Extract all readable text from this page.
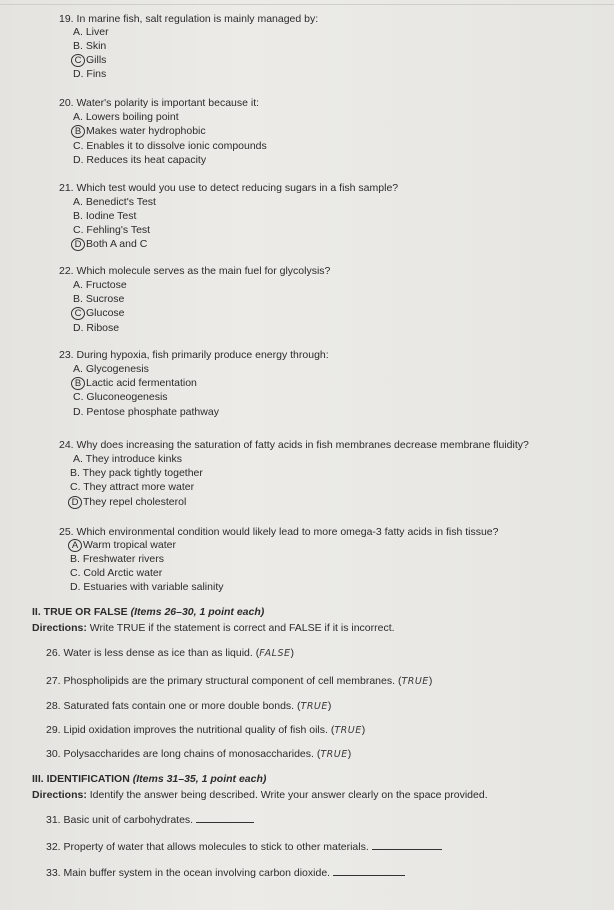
19. In marine fish, salt regulation is mainly managed by:
A. Liver
B. Skin
C Gills
D. Fins
20. Water's polarity is important because it:
A. Lowers boiling point
B Makes water hydrophobic
C. Enables it to dissolve ionic compounds
D. Reduces its heat capacity
21. Which test would you use to detect reducing sugars in a fish sample?
A. Benedict's Test
B. Iodine Test
C. Fehling's Test
D Both A and C
22. Which molecule serves as the main fuel for glycolysis?
A. Fructose
B. Sucrose
C Glucose
D. Ribose
23. During hypoxia, fish primarily produce energy through:
A. Glycogenesis
B Lactic acid fermentation
C. Gluconeogenesis
D. Pentose phosphate pathway
24. Why does increasing the saturation of fatty acids in fish membranes decrease membrane fluidity?
A. They introduce kinks
B. They pack tightly together
C. They attract more water
D They repel cholesterol
25. Which environmental condition would likely lead to more omega-3 fatty acids in fish tissue?
A Warm tropical water
B. Freshwater rivers
C. Cold Arctic water
D. Estuaries with variable salinity
II. TRUE OR FALSE (Items 26–30, 1 point each)
Directions: Write TRUE if the statement is correct and FALSE if it is incorrect.
26. Water is less dense as ice than as liquid. (FALSE)
27. Phospholipids are the primary structural component of cell membranes. (TRUE)
28. Saturated fats contain one or more double bonds. (TRUE)
29. Lipid oxidation improves the nutritional quality of fish oils. (TRUE)
30. Polysaccharides are long chains of monosaccharides. (TRUE)
III. IDENTIFICATION (Items 31–35, 1 point each)
Directions: Identify the answer being described. Write your answer clearly on the space provided.
31. Basic unit of carbohydrates.
32. Property of water that allows molecules to stick to other materials.
33. Main buffer system in the ocean involving carbon dioxide.
